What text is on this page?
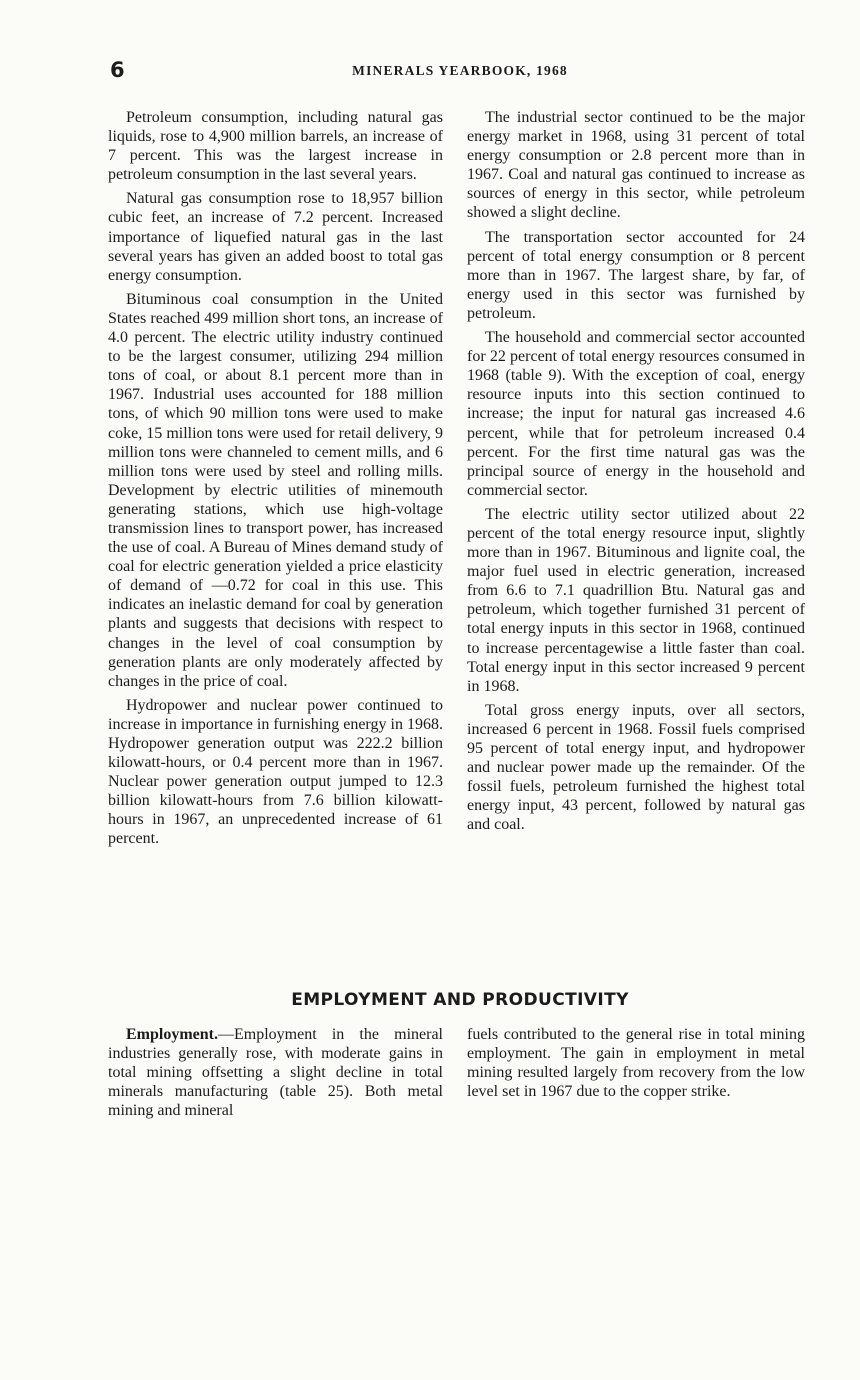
6	MINERALS YEARBOOK, 1968

Petroleum consumption, including natural gas liquids, rose to 4,900 million barrels, an increase of 7 percent. This was the largest increase in petroleum consumption in the last several years.

Natural gas consumption rose to 18,957 billion cubic feet, an increase of 7.2 percent. Increased importance of liquefied natural gas in the last several years has given an added boost to total gas energy consumption.

Bituminous coal consumption in the United States reached 499 million short tons, an increase of 4.0 percent. The electric utility industry continued to be the largest consumer, utilizing 294 million tons of coal, or about 8.1 percent more than in 1967. Industrial uses accounted for 188 million tons, of which 90 million tons were used to make coke, 15 million tons were used for retail delivery, 9 million tons were channeled to cement mills, and 6 million tons were used by steel and rolling mills. Development by electric utilities of minemouth generating stations, which use high-voltage transmission lines to transport power, has increased the use of coal. A Bureau of Mines demand study of coal for electric generation yielded a price elasticity of demand of —0.72 for coal in this use. This indicates an inelastic demand for coal by generation plants and suggests that decisions with respect to changes in the level of coal consumption by generation plants are only moderately affected by changes in the price of coal.

Hydropower and nuclear power continued to increase in importance in furnishing energy in 1968. Hydropower generation output was 222.2 billion kilowatt-hours, or 0.4 percent more than in 1967. Nuclear power generation output jumped to 12.3 billion kilowatt-hours from 7.6 billion kilowatt-hours in 1967, an unprecedented increase of 61 percent.

The industrial sector continued to be the major energy market in 1968, using 31 percent of total energy consumption or 2.8 percent more than in 1967. Coal and natural gas continued to increase as sources of energy in this sector, while petroleum showed a slight decline.

The transportation sector accounted for 24 percent of total energy consumption or 8 percent more than in 1967. The largest share, by far, of energy used in this sector was furnished by petroleum.

The household and commercial sector accounted for 22 percent of total energy resources consumed in 1968 (table 9). With the exception of coal, energy resource inputs into this section continued to increase; the input for natural gas increased 4.6 percent, while that for petroleum increased 0.4 percent. For the first time natural gas was the principal source of energy in the household and commercial sector.

The electric utility sector utilized about 22 percent of the total energy resource input, slightly more than in 1967. Bituminous and lignite coal, the major fuel used in electric generation, increased from 6.6 to 7.1 quadrillion Btu. Natural gas and petroleum, which together furnished 31 percent of total energy inputs in this sector in 1968, continued to increase percentagewise a little faster than coal. Total energy input in this sector increased 9 percent in 1968.

Total gross energy inputs, over all sectors, increased 6 percent in 1968. Fossil fuels comprised 95 percent of total energy input, and hydropower and nuclear power made up the remainder. Of the fossil fuels, petroleum furnished the highest total energy input, 43 percent, followed by natural gas and coal.

EMPLOYMENT AND PRODUCTIVITY

Employment.—Employment in the mineral industries generally rose, with moderate gains in total mining offsetting a slight decline in total minerals manufacturing (table 25). Both metal mining and mineral

fuels contributed to the general rise in total mining employment. The gain in employment in metal mining resulted largely from recovery from the low level set in 1967 due to the copper strike.
